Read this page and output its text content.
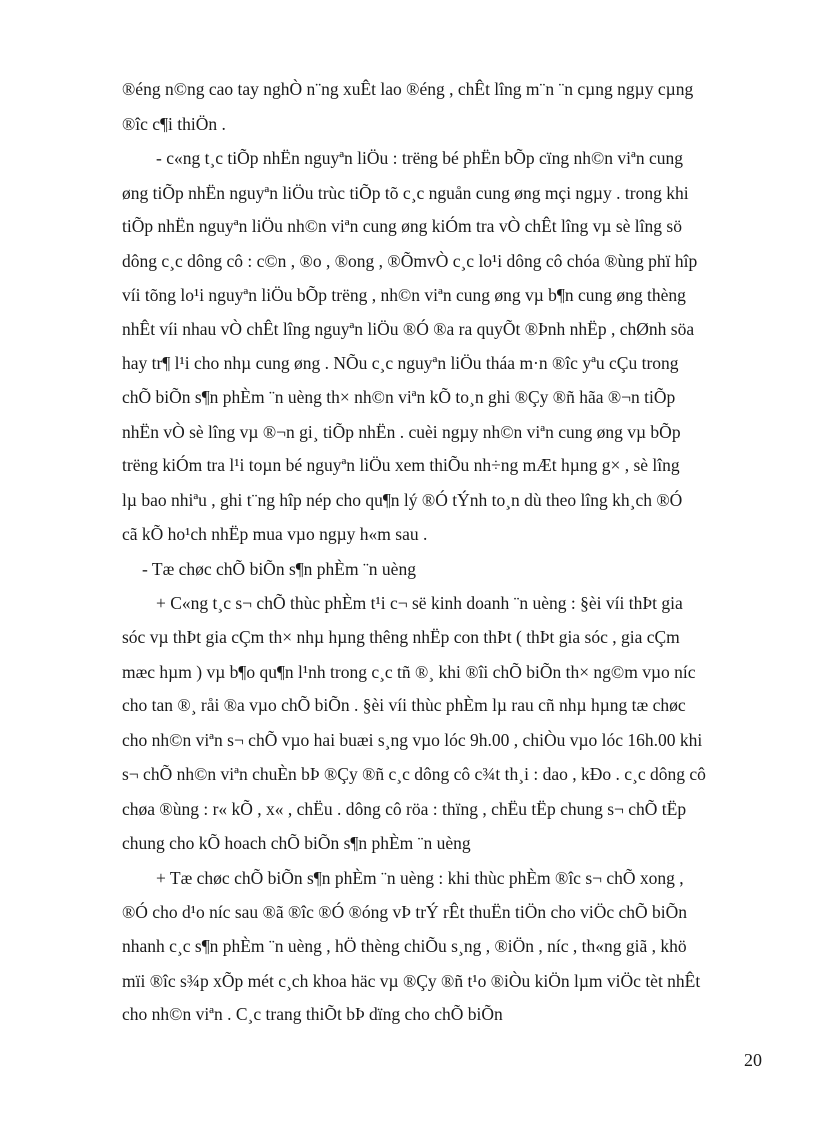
®éng n©ng cao tay nghÒ n¨ng xuÊt lao ®éng , chÊt lîng m¨n ¨n cµng ngµy cµng
®îc c¶i thiÖn .
- c«ng t¸c tiÕp nhËn nguyªn liÖu : trëng bé phËn bÕp cïng nh©n viªn cung
øng tiÕp nhËn nguyªn liÖu trùc tiÕp tõ c¸c nguån cung øng mçi ngµy . trong khi
tiÕp nhËn nguyªn liÖu nh©n viªn cung øng kiÓm tra vÒ chÊt lîng vµ sè lîng sö
dông c¸c dông cô : c©n , ®o , ®ong , ®ÕmvÒ c¸c lo¹i dông cô chóa ®ùng phï hîp
víi tõng lo¹i nguyªn liÖu bÕp trëng , nh©n viªn cung øng vµ b¶n cung øng thèng
nhÊt víi nhau vÒ chÊt lîng nguyªn liÖu ®Ó ®a ra quyÕt ®Þnh nhËp , chØnh söa
hay tr¶ l¹i cho nhµ cung øng . NÕu c¸c nguyªn liÖu tháa m·n ®îc yªu cÇu trong
chÕ biÕn s¶n phÈm ¨n uèng th× nh©n viªn kÕ to¸n ghi ®Çy ®ñ hãa ®¬n tiÕp
nhËn vÒ sè lîng vµ ®¬n gi¸ tiÕp nhËn . cuèi ngµy nh©n viªn cung øng vµ bÕp
trëng kiÓm tra l¹i toµn bé nguyªn liÖu xem thiÕu nh÷ng mÆt hµng g× , sè lîng
lµ bao nhiªu , ghi t¨ng hîp nép cho qu¶n lý ®Ó tÝnh to¸n dù theo lîng kh¸ch ®Ó
cã kÕ ho¹ch nhËp mua vµo ngµy h«m sau .
- Tæ chøc chÕ biÕn s¶n phÈm ¨n uèng
+ C«ng t¸c s¬ chÕ thùc phÈm t¹i c¬ së kinh doanh ¨n uèng : §èi víi thÞt gia
sóc vµ thÞt gia cÇm th× nhµ hµng thêng nhËp con thÞt ( thÞt gia sóc , gia cÇm
mæc hµm ) vµ b¶o qu¶n l¹nh trong c¸c tñ ®¸ khi ®îi chÕ biÕn th× ng©m vµo níc
cho tan ®¸ råi ®a vµo chÕ biÕn . §èi víi thùc phÈm lµ rau cñ nhµ hµng tæ chøc
cho nh©n viªn s¬ chÕ vµo hai buæi s¸ng vµo lóc 9h.00 , chiÒu vµo lóc 16h.00 khi
s¬ chÕ nh©n viªn chuÈn bÞ ®Çy ®ñ c¸c dông cô c¾t th¸i : dao , kÐo . c¸c dông cô
chøa ®ùng : r« kÕ , x« , chËu . dông cô röa : thïng , chËu tËp chung s¬ chÕ tËp
chung cho kÕ hoach chÕ biÕn s¶n phÈm ¨n uèng
+ Tæ chøc chÕ biÕn s¶n phÈm ¨n uèng : khi thùc phÈm ®îc s¬ chÕ xong ,
®Ó cho d¹o níc sau ®ã ®îc ®Ó ®óng vÞ trÝ rÊt thuËn tiÖn cho viÖc chÕ biÕn
nhanh c¸c s¶n phÈm ¨n uèng , hÖ thèng chiÕu s¸ng , ®iÖn , níc , th«ng giã , khö
mïi ®îc s¾p xÕp mét c¸ch khoa häc vµ ®Çy ®ñ t¹o ®iÒu kiÖn lµm viÖc tèt nhÊt
cho nh©n viªn . C¸c trang thiÕt bÞ dïng cho chÕ biÕn
20
